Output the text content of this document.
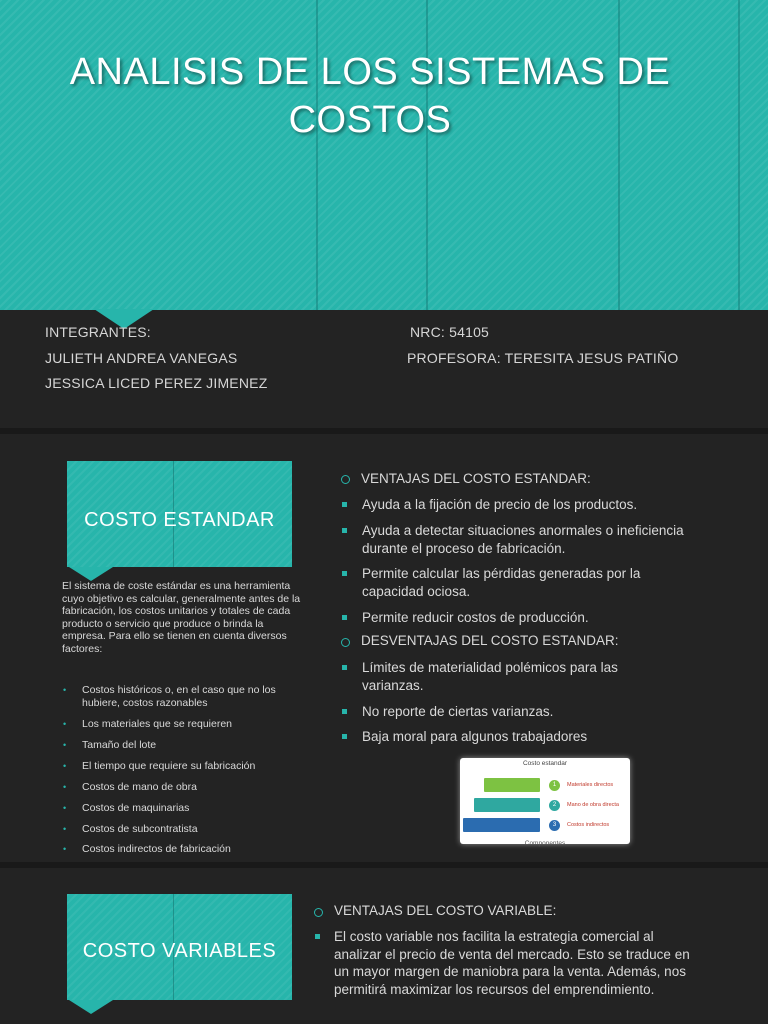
ANALISIS DE LOS SISTEMAS DE COSTOS
INTEGRANTES:
JULIETH ANDREA VANEGAS
JESSICA LICED PEREZ JIMENEZ
NRC: 54105
PROFESORA: TERESITA JESUS PATIÑO
COSTO ESTANDAR
El sistema de coste estándar es una herramienta cuyo objetivo es calcular, generalmente antes de la fabricación, los costos unitarios y totales de cada producto o servicio que produce o brinda la empresa. Para ello se tienen en cuenta diversos factores:
• Costos históricos o, en el caso que no los hubiere, costos razonables
• Los materiales que se requieren
• Tamaño del lote
• El tiempo que requiere su fabricación
• Costos de mano de obra
• Costos de maquinarias
• Costos de subcontratista
• Costos indirectos de fabricación
VENTAJAS DEL COSTO ESTANDAR:
Ayuda a la fijación de precio de los productos.
Ayuda a detectar situaciones anormales o ineficiencia durante el proceso de fabricación.
Permite calcular las pérdidas generadas por la capacidad ociosa.
Permite reducir costos de producción.
DESVENTAJAS DEL COSTO ESTANDAR:
Límites de materialidad polémicos para las varianzas.
No reporte de ciertas varianzas.
Baja moral para algunos trabajadores
Costo estandar
1
2
3
Materiales directos
Mano de obra directa
Costos indirectos
Componentes
COSTO VARIABLES
VENTAJAS DEL COSTO VARIABLE:
El costo variable nos facilita la estrategia comercial al analizar el precio de venta del mercado. Esto se traduce en un mayor margen de maniobra para la venta. Además, nos permitirá maximizar los recursos del emprendimiento.
